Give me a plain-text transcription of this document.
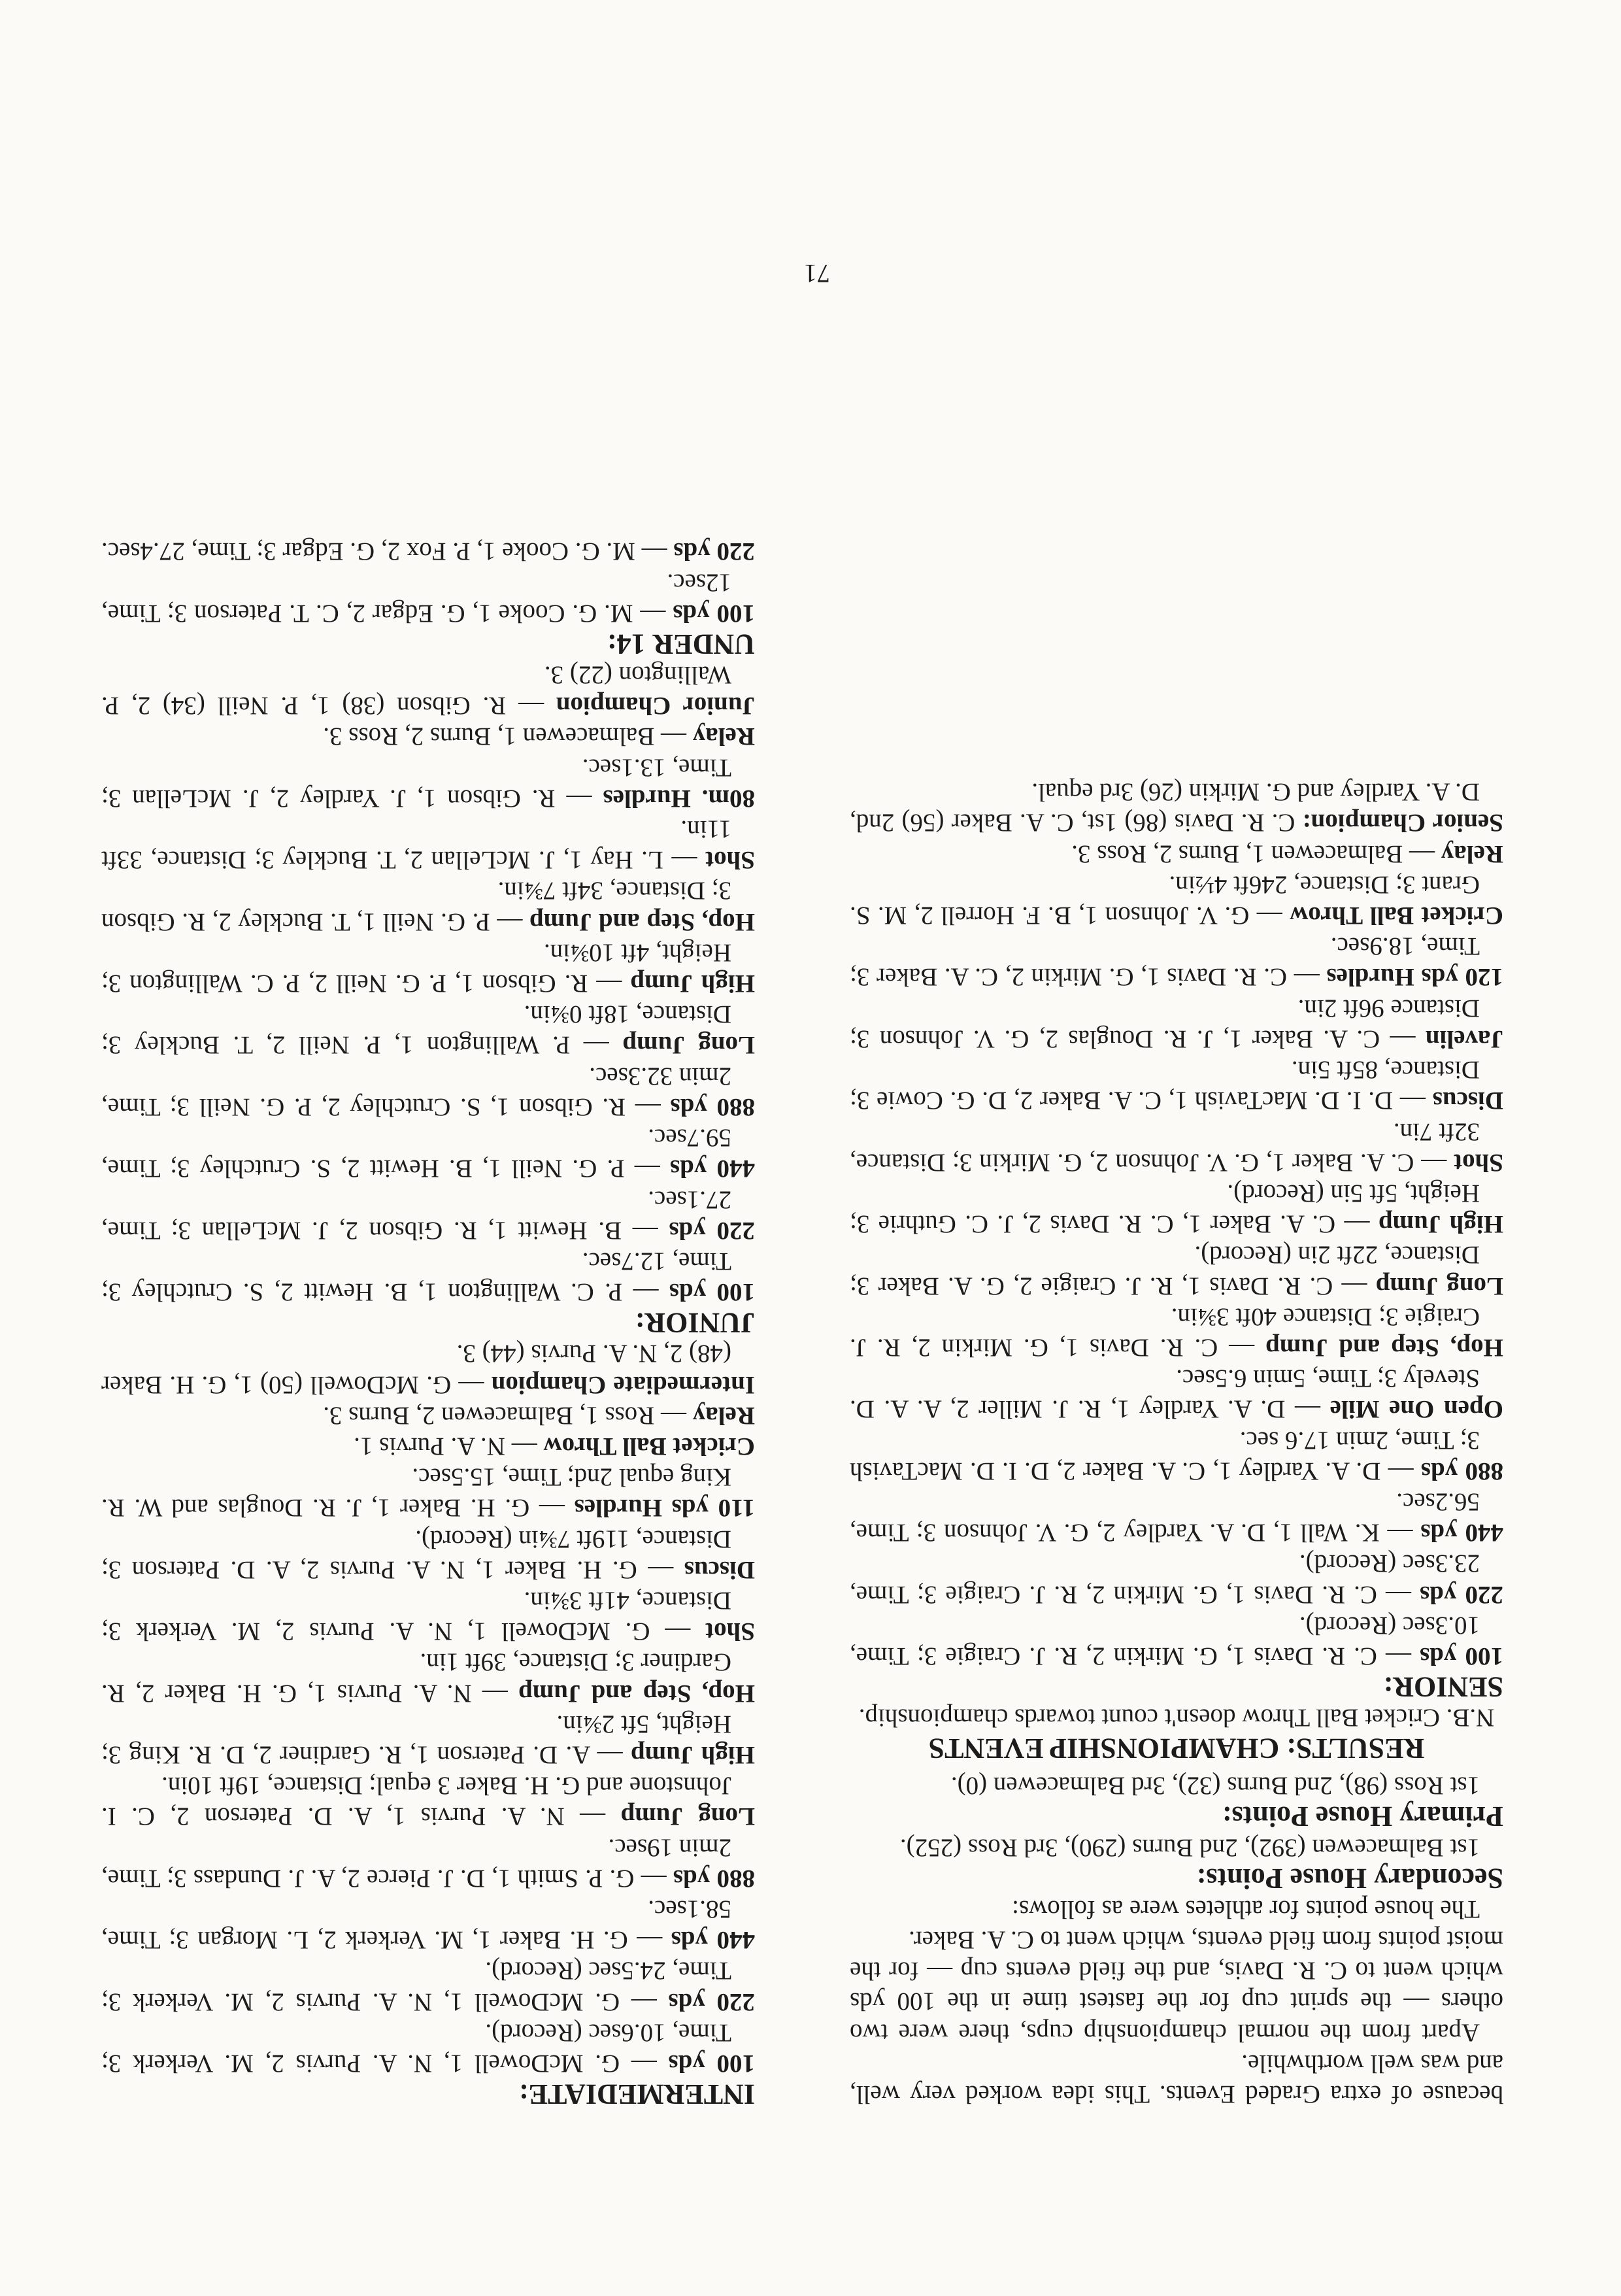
because of extra Graded Events. This idea worked very well, and was well worthwhile.

Apart from the normal championship cups, there were two others — the sprint cup for the fastest time in the 100 yds which went to C. R. Davis, and the field events cup — for the moist points from field events, which went to C. A. Baker.

The house points for athletes were as follows:

Secondary House Points:

1st Balmacewen (392), 2nd Burns (290), 3rd Ross (252).

Primary House Points:

1st Ross (98), 2nd Burns (32), 3rd Balmacewen (0).

RESULTS: CHAMPIONSHIP EVENTS

N.B. Cricket Ball Throw doesn't count towards championship.

SENIOR:

100 yds — C. R. Davis 1, G. Mirkin 2, R. J. Craigie 3; Time, 10.3sec (Record).

220 yds — C. R. Davis 1, G. Mirkin 2, R. J. Craigie 3; Time, 23.3sec (Record).

440 yds — K. Wall 1, D. A. Yardley 2, G. V. Johnson 3; Time, 56.2sec.

880 yds — D. A. Yardley 1, C. A. Baker 2, D. I. D. MacTavish 3; Time, 2min 17.6 sec.

Open One Mile — D. A. Yardley 1, R. J. Miller 2, A. A. D. Stevely 3; Time, 5min 6.5sec.

Hop, Step and Jump — C. R. Davis 1, G. Mirkin 2, R. J. Craigie 3; Distance 40ft 3¾in.

Long Jump — C. R. Davis 1, R. J. Craigie 2, G. A. Baker 3; Distance, 22ft 2in (Record).

High Jump — C. A. Baker 1, C. R. Davis 2, J. C. Guthrie 3; Height, 5ft 5in (Record).

Shot — C. A. Baker 1, G. V. Johnson 2, G. Mirkin 3; Distance, 32ft 7in.

Discus — D. I. D. MacTavish 1, C. A. Baker 2, D. G. Cowie 3; Distance, 85ft 5in.

Javelin — C. A. Baker 1, J. R. Douglas 2, G. V. Johnson 3; Distance 96ft 2in.

120 yds Hurdles — C. R. Davis 1, G. Mirkin 2, C. A. Baker 3; Time, 18.9sec.

Cricket Ball Throw — G. V. Johnson 1, B. F. Horrell 2, M. S. Grant 3; Distance, 246ft 4½in.

Relay — Balmacewen 1, Burns 2, Ross 3.

Senior Champion: C. R. Davis (86) 1st, C. A. Baker (56) 2nd, D. A. Yardley and G. Mirkin (26) 3rd equal.

INTERMEDIATE:

100 yds — G. McDowell 1, N. A. Purvis 2, M. Verkerk 3; Time, 10.6sec (Record).

220 yds — G. McDowell 1, N. A. Purvis 2, M. Verkerk 3; Time, 24.5sec (Record).

440 yds — G. H. Baker 1, M. Verkerk 2, L. Morgan 3; Time, 58.1sec.

880 yds — G. P. Smith 1, D. J. Pierce 2, A. J. Dundass 3; Time, 2min 19sec.

Long Jump — N. A. Purvis 1, A. D. Paterson 2, C. I. Johnstone and G. H. Baker 3 equal; Distance, 19ft 10in.

High Jump — A. D. Paterson 1, R. Gardiner 2, D. R. King 3; Height, 5ft 2¾in.

Hop, Step and Jump — N. A. Purvis 1, G. H. Baker 2, R. Gardiner 3; Distance, 39ft 1in.

Shot — G. McDowell 1, N. A. Purvis 2, M. Verkerk 3; Distance, 41ft 3¾in.

Discus — G. H. Baker 1, N. A. Purvis 2, A. D. Paterson 3; Distance, 119ft 7¾in (Record).

110 yds Hurdles — G. H. Baker 1, J. R. Douglas and W. R. King equal 2nd; Time, 15.5sec.

Cricket Ball Throw — N. A. Purvis 1.

Relay — Ross 1, Balmacewen 2, Burns 3.

Intermediate Champion — G. McDowell (50) 1, G. H. Baker (48) 2, N. A. Purvis (44) 3.

JUNIOR:

100 yds — P. C. Wallington 1, B. Hewitt 2, S. Crutchley 3; Time, 12.7sec.

220 yds — B. Hewitt 1, R. Gibson 2, J. McLellan 3; Time, 27.1sec.

440 yds — P. G. Neill 1, B. Hewitt 2, S. Crutchley 3; Time, 59.7sec.

880 yds — R. Gibson 1, S. Crutchley 2, P. G. Neill 3; Time, 2min 32.3sec.

Long Jump — P. Wallington 1, P. Neill 2, T. Buckley 3; Distance, 18ft 0¾in.

High Jump — R. Gibson 1, P. G. Neill 2, P. C. Wallington 3; Height, 4ft 10¾in.

Hop, Step and Jump — P. G. Neill 1, T. Buckley 2, R. Gibson 3; Distance, 34ft 7¾in.

Shot — L. Hay 1, J. McLellan 2, T. Buckley 3; Distance, 33ft 11in.

80m. Hurdles — R. Gibson 1, J. Yardley 2, J. McLellan 3; Time, 13.1sec.

Relay — Balmacewen 1, Burns 2, Ross 3.

Junior Champion — R. Gibson (38) 1, P. Neill (34) 2, P. Wallington (22) 3.

UNDER 14:

100 yds — M. G. Cooke 1, G. Edgar 2, C. T. Paterson 3; Time, 12sec.

220 yds — M. G. Cooke 1, P. Fox 2, G. Edgar 3; Time, 27.4sec.

71
